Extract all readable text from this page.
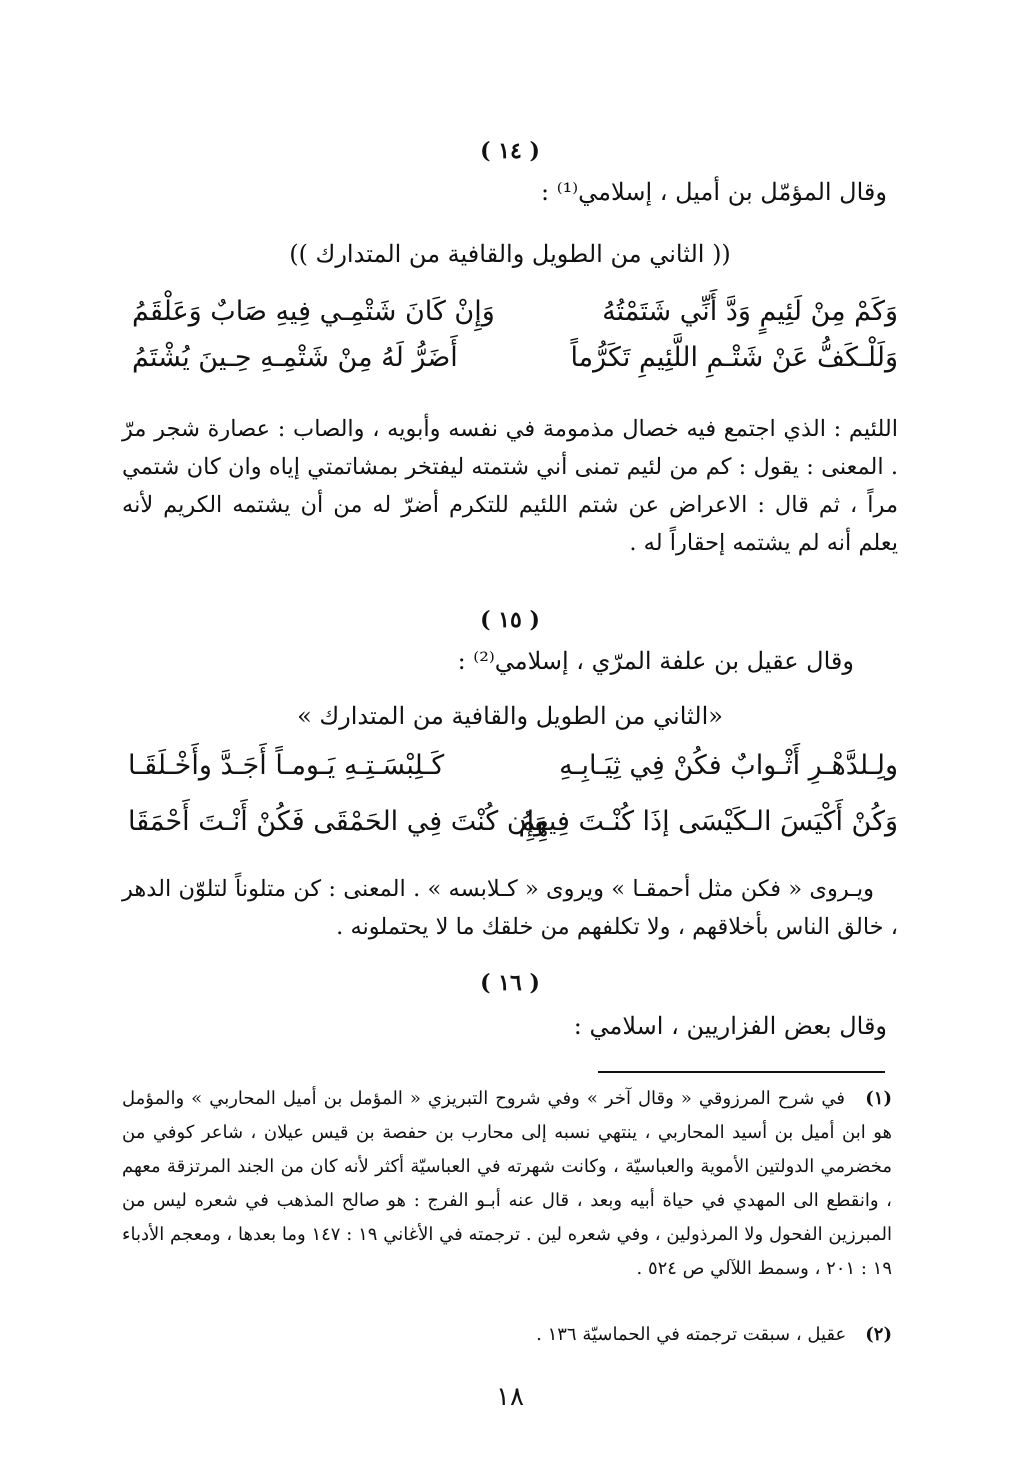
( ١٤ )
وقال المؤمّل بن أميل ، إسلامي⁽¹⁾ :
(( الثاني من الطويل والقافية من المتدارك ))
وَكَمْ مِنْ لَئِيمٍ وَدَّ أَنِّي شَتَمْتُهُ
وَإِنْ كَانَ شَتْمِـي فِيهِ صَابٌ وَعَلْقَمُ
وَلَلْـكَفُّ عَنْ شَتْـمِ اللَّئِيمِ تَكَرُّماً
أَضَرُّ لَهُ مِنْ شَتْمِـهِ حِـينَ يُشْتَمُ
اللئيم : الذي اجتمع فيه خصال مذمومة في نفسه وأبويه ، والصاب : عصارة شجر مرّ . المعنى : يقول : كم من لئيم تمنى أني شتمته ليفتخر بمشاتمتي إياه وان كان شتمي مراً ، ثم قال : الاعراض عن شتم اللئيم للتكرم أضرّ له من أن يشتمه الكريم لأنه يعلم أنه لم يشتمه إحقاراً له .
( ١٥ )
وقال عقيل بن علفة المرّي ، إسلامي⁽²⁾ :
«الثاني من الطويل والقافية من المتدارك »
ولِـلدَّهْـرِ أَثْـوابٌ فكُنْ فِي ثِيَـابِـهِ
كَـلِبْسَـتِـهِ يَـومـاً أَجَـدَّ وأَخْـلَقَـا
وَكُنْ أَكْيَسَ الـكَيْسَى إذَا كُنْـتَ فِيهِمُ
وَإِن كُنْتَ فِي الحَمْقَى فَكُنْ أَنْـتَ أَحْمَقَا
ويـروى « فكن مثل أحمقـا » ويروى « كـلابسه » . المعنى : كن متلوناً لتلوّن الدهر ، خالق الناس بأخلاقهم ، ولا تكلفهم من خلقك ما لا يحتملونه .
( ١٦ )
وقال بعض الفزاريين ، اسلامي :
(١) في شرح المرزوقي « وقال آخر » وفي شروح التبريزي « المؤمل بن أميل المحاربي » والمؤمل هو ابن أميل بن أسيد المحاربي ، ينتهي نسبه إلى محارب بن حفصة بن قيس عيلان ، شاعر كوفي من مخضرمي الدولتين الأموية والعباسيّة ، وكانت شهرته في العباسيّة أكثر لأنه كان من الجند المرتزقة معهم ، وانقطع الى المهدي في حياة أبيه وبعد ، قال عنه أبـو الفرج : هو صالح المذهب في شعره ليس من المبرزين الفحول ولا المرذولين ، وفي شعره لين . ترجمته في الأغاني ١٩ : ١٤٧ وما بعدها ، ومعجم الأدباء ١٩ : ٢٠١ ، وسمط اللآلي ص ٥٢٤ .
(٢) عقيل ، سبقت ترجمته في الحماسيّة ١٣٦ .
١٨
